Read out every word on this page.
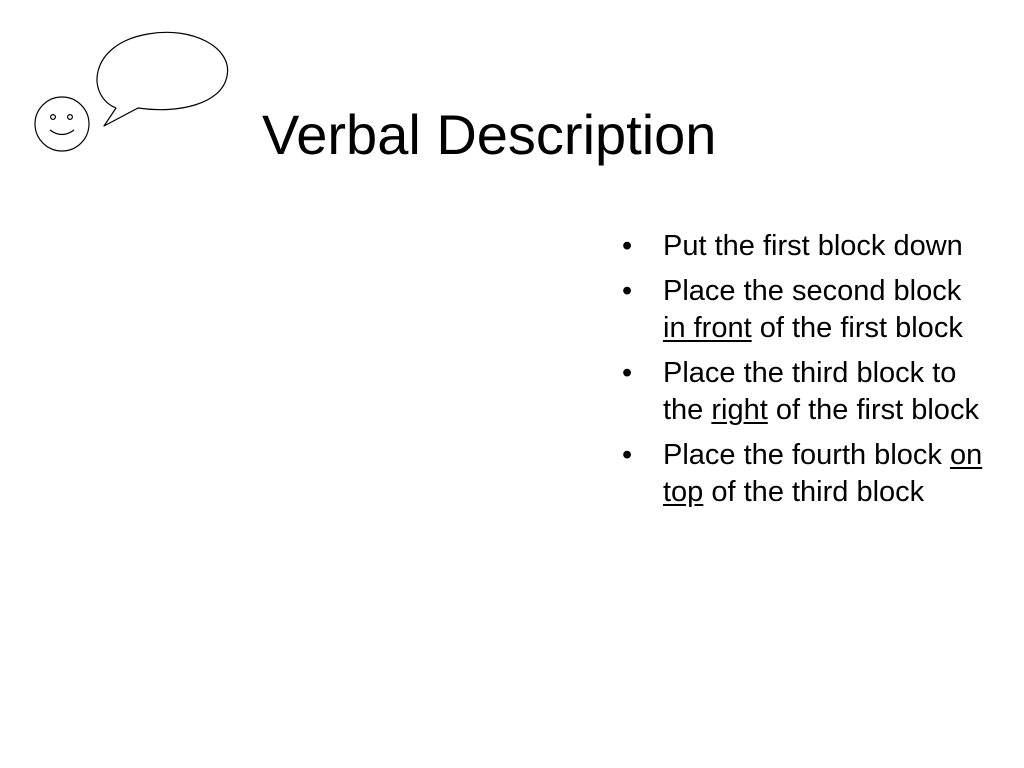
Verbal Description
• Put the first block down
• Place the second block in front of the first block
• Place the third block to the right of the first block
• Place the fourth block on top of the third block
